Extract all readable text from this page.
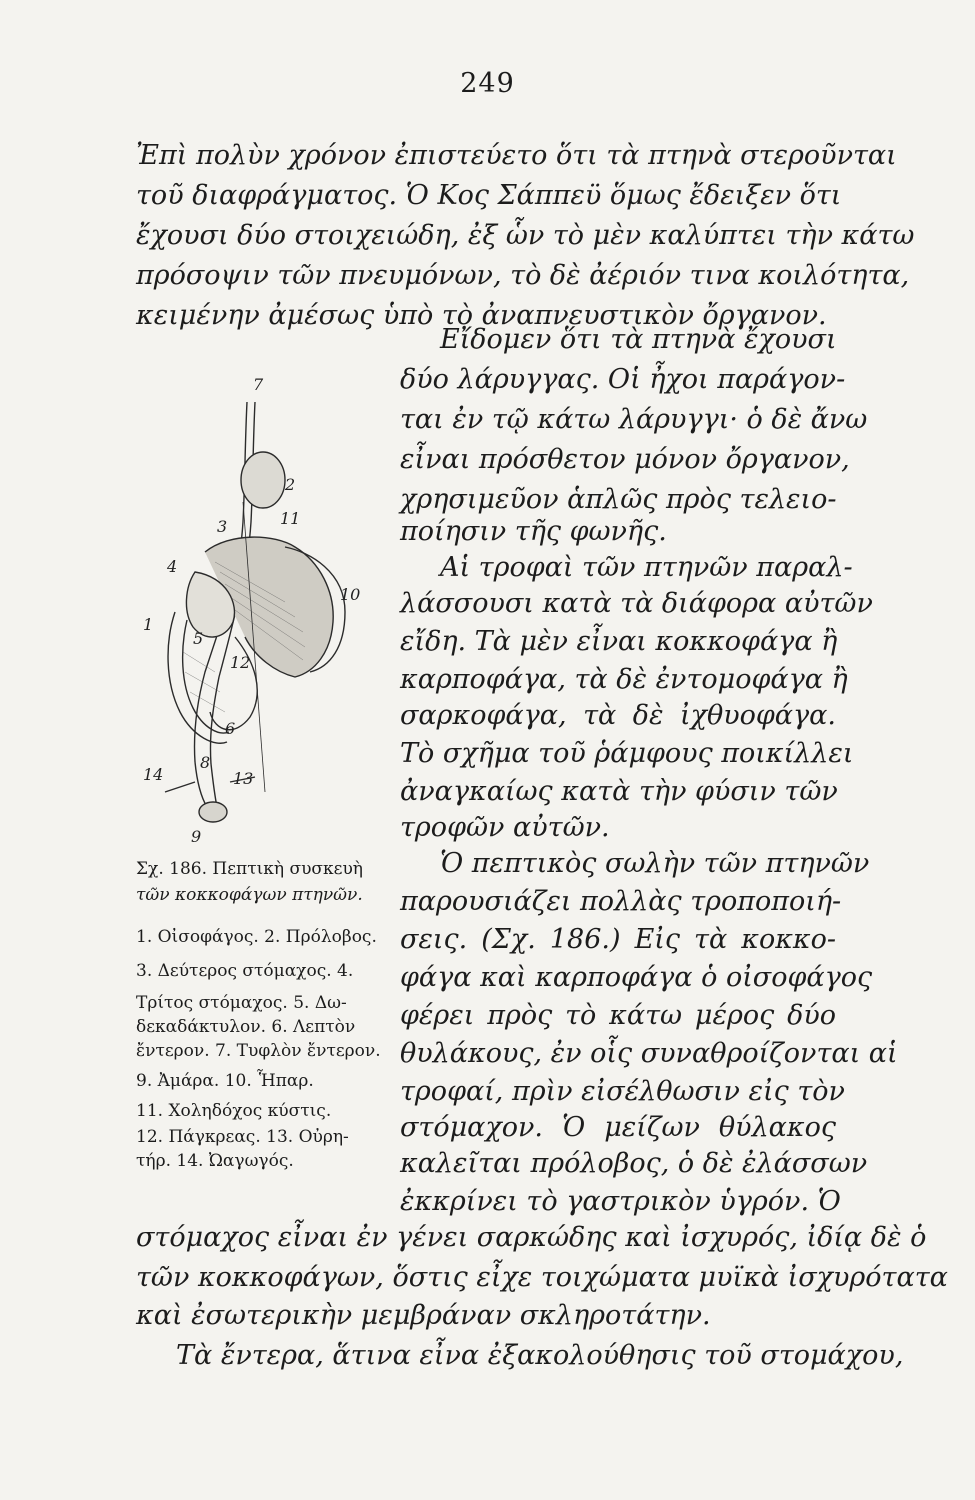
249
Ἐπὶ πολὺν χρόνον ἐπιστεύετο ὅτι τὰ πτηνὰ στεροῦνται
τοῦ διαφράγματος. Ὁ Κος Σάππεϋ ὅμως ἔδειξεν ὅτι
ἔχουσι δύο στοιχειώδη, ἐξ ὧν τὸ μὲν καλύπτει τὴν κάτω
πρόσοψιν τῶν πνευμόνων, τὸ δὲ ἀέριόν τινα κοιλότητα,
κειμένην ἀμέσως ὑπὸ τὸ ἀναπνευστικὸν ὄργανον.
Εἴδομεν ὅτι τὰ πτηνὰ ἔχουσι
δύο λάρυγγας. Οἱ ἦχοι παράγον-
ται ἐν τῷ κάτω λάρυγγι· ὁ δὲ ἄνω
εἶναι πρόσθετον μόνον ὄργανον,
χρησιμεῦον ἁπλῶς πρὸς τελειο-
ποίησιν τῆς φωνῆς.
Αἱ τροφαὶ τῶν πτηνῶν παραλ-
λάσσουσι κατὰ τὰ διάφορα αὐτῶν
εἴδη. Τὰ μὲν εἶναι κοκκοφάγα ἢ
καρποφάγα, τὰ δὲ ἐντομοφάγα ἢ
σαρκοφάγα, τὰ δὲ ἰχθυοφάγα.
Τὸ σχῆμα τοῦ ῥάμφους ποικίλλει
ἀναγκαίως κατὰ τὴν φύσιν τῶν
τροφῶν αὐτῶν.
Ὁ πεπτικὸς σωλὴν τῶν πτηνῶν
παρουσιάζει πολλὰς τροποποιή-
σεις. (Σχ. 186.) Εἰς τὰ κοκκο-
φάγα καὶ καρποφάγα ὁ οἰσοφάγος
φέρει πρὸς τὸ κάτω μέρος δύο
θυλάκους, ἐν οἷς συναθροίζονται αἱ
τροφαί, πρὶν εἰσέλθωσιν εἰς τὸν
στόμαχον. Ὁ μείζων θύλακος
καλεῖται πρόλοβος, ὁ δὲ ἐλάσσων
ἐκκρίνει τὸ γαστρικὸν ὑγρόν. Ὁ
7
2
3	11
4
10
1
5
12
6
8
14	13
9
Σχ. 186. Πεπτικὴ συσκευὴ
τῶν κοκκοφάγων πτηνῶν.
1. Οἰσοφάγος. 2. Πρόλοβος.
3. Δεύτερος στόμαχος. 4.
Τρίτος στόμαχος. 5. Δω-
δεκαδάκτυλον. 6. Λεπτὸν
ἔντερον. 7. Τυφλὸν ἔντερον.
9. Ἀμάρα. 10. Ἧπαρ.
11. Χοληδόχος κύστις.
12. Πάγκρεας. 13. Οὐρη-
τήρ. 14. Ὠαγωγός.
στόμαχος εἶναι ἐν γένει σαρκώδης καὶ ἰσχυρός, ἰδίᾳ δὲ ὁ
τῶν κοκκοφάγων, ὅστις εἶχε τοιχώματα μυϊκὰ ἰσχυρότατα
καὶ ἐσωτερικὴν μεμβράναν σκληροτάτην.
Τὰ ἔντερα, ἅτινα εἶνα ἐξακολούθησις τοῦ στομάχου,
